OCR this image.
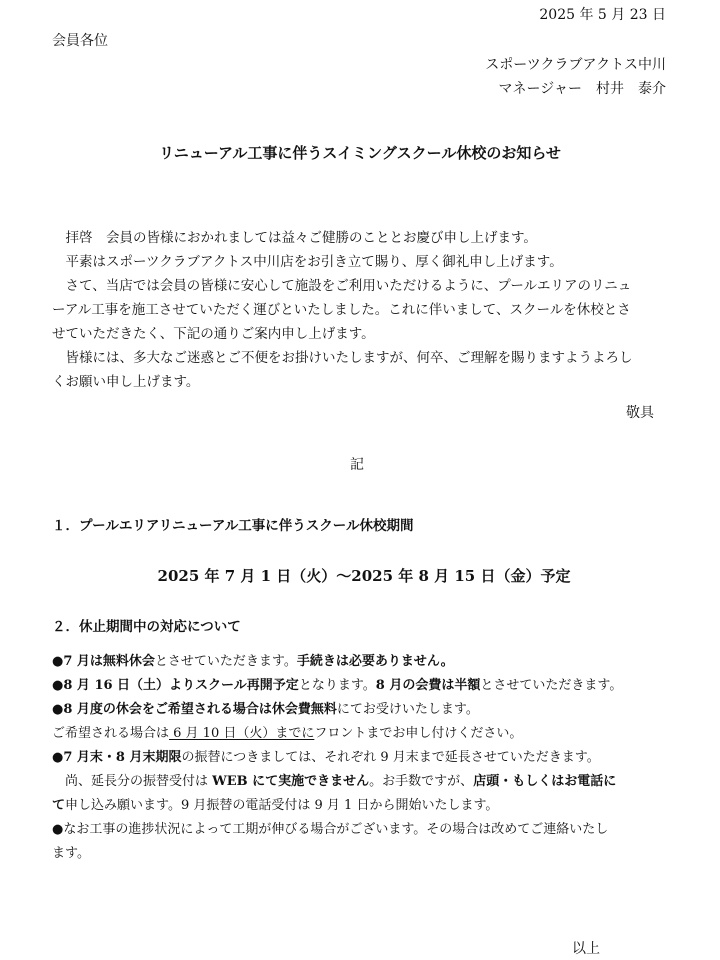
2025 年 5 月 23 日
会員各位
スポーツクラブアクトス中川
マネージャー　村井　泰介
リニューアル工事に伴うスイミングスクール休校のお知らせ
　拝啓　会員の皆様におかれましては益々ご健勝のこととお慶び申し上げます。
　平素はスポーツクラブアクトス中川店をお引き立て賜り、厚く御礼申し上げます。
　さて、当店では会員の皆様に安心して施設をご利用いただけるように、プールエリアのリニュ
ーアル工事を施工させていただく運びといたしました。これに伴いまして、スクールを休校とさ
せていただきたく、下記の通りご案内申し上げます。
　皆様には、多大なご迷惑とご不便をお掛けいたしますが、何卒、ご理解を賜りますようよろし
くお願い申し上げます。
敬具
記
１．プールエリアリニューアル工事に伴うスクール休校期間
2025 年 7 月 1 日（火）～2025 年 8 月 15 日（金）予定
２．休止期間中の対応について
●7 月は無料休会とさせていただきます。手続きは必要ありません。
●8 月 16 日（土）よりスクール再開予定となります。8 月の会費は半額とさせていただきます。
●8 月度の休会をご希望される場合は休会費無料にてお受けいたします。
ご希望される場合は 6 月 10 日（火）までにフロントまでお申し付けください。
●7 月末・8 月末期限の振替につきましては、それぞれ 9 月末まで延長させていただきます。
　尚、延長分の振替受付は WEB にて実施できません。お手数ですが、店頭・もしくはお電話に
て申し込み願います。9 月振替の電話受付は 9 月 1 日から開始いたします。
●なお工事の進捗状況によって工期が伸びる場合がございます。その場合は改めてご連絡いたし
ます。
以上
